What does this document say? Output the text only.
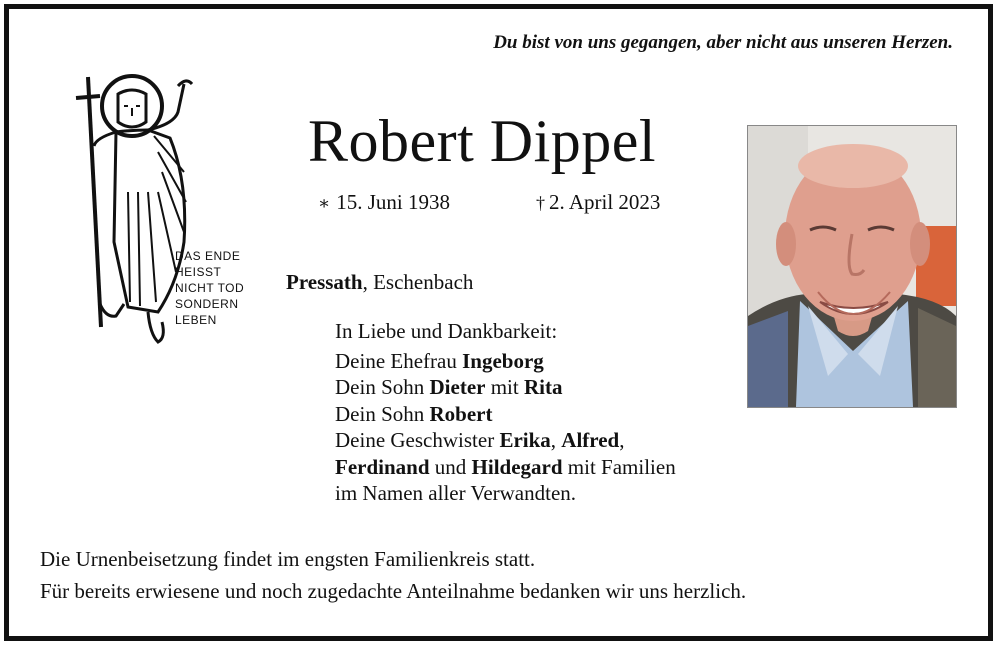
Du bist von uns gegangen, aber nicht aus unseren Herzen.
DAS ENDE
HEISST
NICHT TOD
SONDERN
LEBEN
Robert Dippel
∗ 15. Juni 1938	† 2. April 2023
Pressath, Eschenbach
In Liebe und Dankbarkeit:
Deine Ehefrau Ingeborg
Dein Sohn Dieter mit Rita
Dein Sohn Robert
Deine Geschwister Erika, Alfred,
Ferdinand und Hildegard mit Familien
im Namen aller Verwandten.
Die Urnenbeisetzung findet im engsten Familienkreis statt.
Für bereits erwiesene und noch zugedachte Anteilnahme bedanken wir uns herzlich.
